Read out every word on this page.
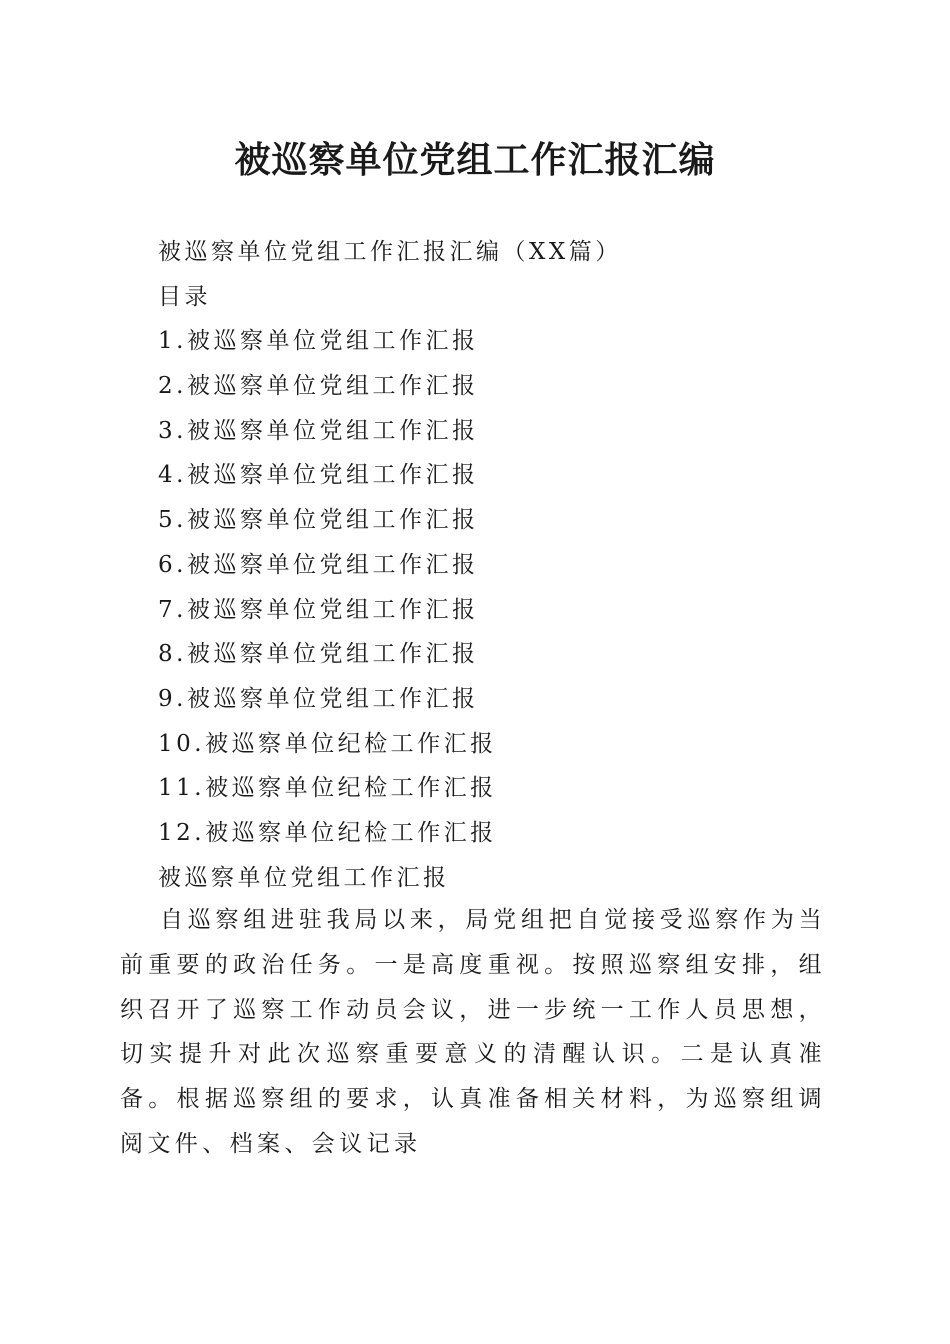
被巡察单位党组工作汇报汇编
被巡察单位党组工作汇报汇编（XX篇）
目录
1.被巡察单位党组工作汇报
2.被巡察单位党组工作汇报
3.被巡察单位党组工作汇报
4.被巡察单位党组工作汇报
5.被巡察单位党组工作汇报
6.被巡察单位党组工作汇报
7.被巡察单位党组工作汇报
8.被巡察单位党组工作汇报
9.被巡察单位党组工作汇报
10.被巡察单位纪检工作汇报
11.被巡察单位纪检工作汇报
12.被巡察单位纪检工作汇报
被巡察单位党组工作汇报

自巡察组进驻我局以来，局党组把自觉接受巡察作为当前重要的政治任务。一是高度重视。按照巡察组安排，组织召开了巡察工作动员会议，进一步统一工作人员思想，切实提升对此次巡察重要意义的清醒认识。二是认真准备。根据巡察组的要求，认真准备相关材料，为巡察组调阅文件、档案、会议记录
